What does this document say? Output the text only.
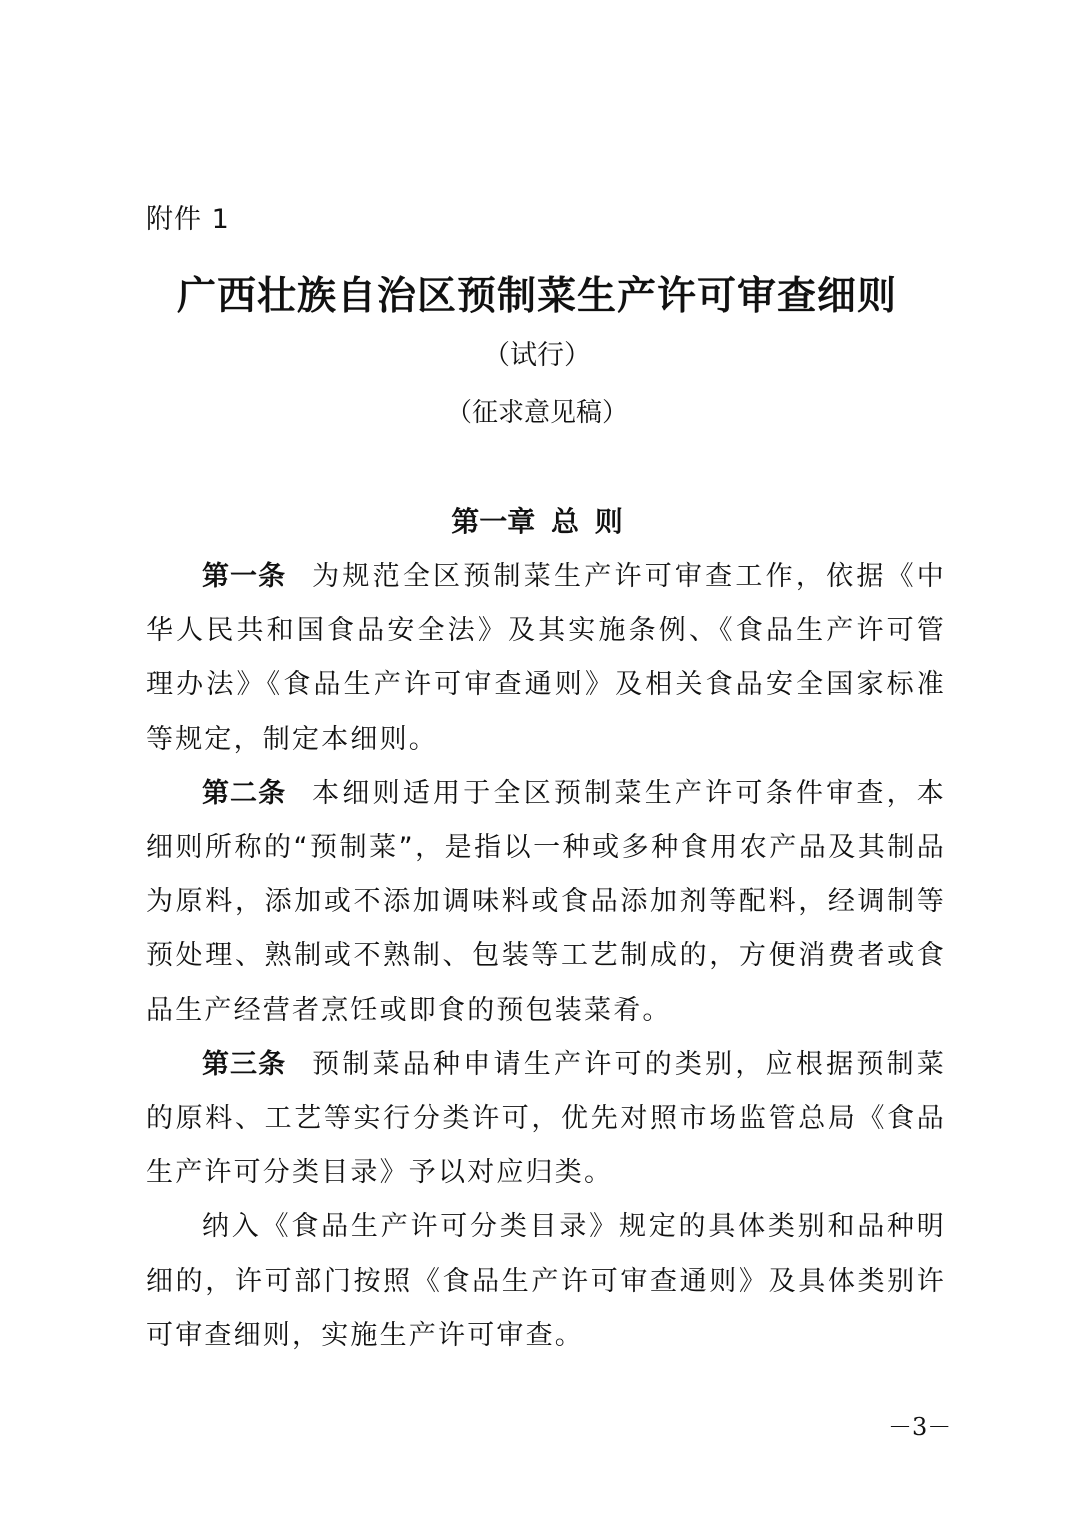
附件 1
广西壮族自治区预制菜生产许可审查细则
（试行）
（征求意见稿）
第一章 总 则

第一条 为规范全区预制菜生产许可审查工作，依据《中华人民共和国食品安全法》及其实施条例、《食品生产许可管理办法》《食品生产许可审查通则》及相关食品安全国家标准等规定，制定本细则。

第二条 本细则适用于全区预制菜生产许可条件审查，本细则所称的“预制菜”，是指以一种或多种食用农产品及其制品为原料，添加或不添加调味料或食品添加剂等配料，经调制等预处理、熟制或不熟制、包装等工艺制成的，方便消费者或食品生产经营者烹饪或即食的预包装菜肴。

第三条 预制菜品种申请生产许可的类别，应根据预制菜的原料、工艺等实行分类许可，优先对照市场监管总局《食品生产许可分类目录》予以对应归类。

纳入《食品生产许可分类目录》规定的具体类别和品种明细的，许可部门按照《食品生产许可审查通则》及具体类别许可审查细则，实施生产许可审查。

－3－
